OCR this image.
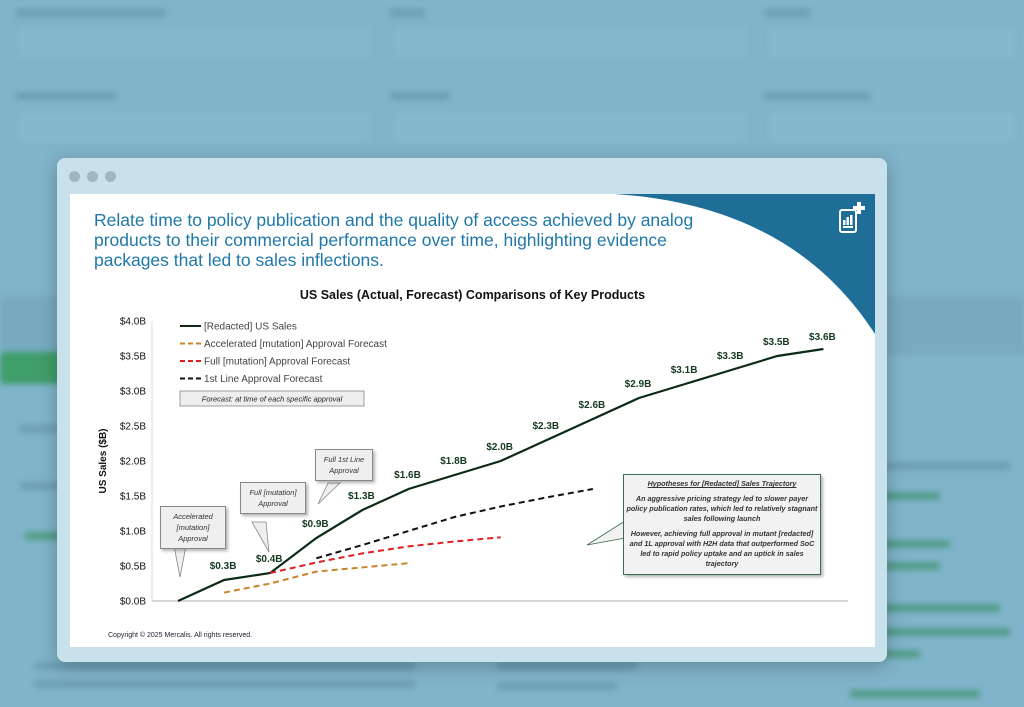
Relate time to policy publication and the quality of access achieved by analog products to their commercial performance over time, highlighting evidence packages that led to sales inflections.
US Sales (Actual, Forecast) Comparisons of Key Products
$0.0B
$0.5B
$1.0B
$1.5B
$2.0B
$2.5B
$3.0B
$3.5B
$4.0B
US Sales ($B)
$0.3B
$0.4B
$0.9B
$1.3B
$1.6B
$1.8B
$2.0B
$2.3B
$2.6B
$2.9B
$3.1B
$3.3B
$3.5B $3.6B
[Redacted] US Sales
Accelerated [mutation] Approval Forecast
Full [mutation] Approval Forecast
1st Line Approval Forecast
Forecast: at time of each specific approval
Accelerated [mutation] Approval
Full [mutation] Approval
Full 1st Line Approval

Hypotheses for [Redacted] Sales Trajectory

An aggressive pricing strategy led to slower payer policy publication rates, which led to relatively stagnant sales following launch

However, achieving full approval in mutant [redacted] and 1L approval with H2H data that outperformed SoC led to rapid policy uptake and an uptick in sales trajectory

Copyright © 2025 Mercalis. All rights reserved.
